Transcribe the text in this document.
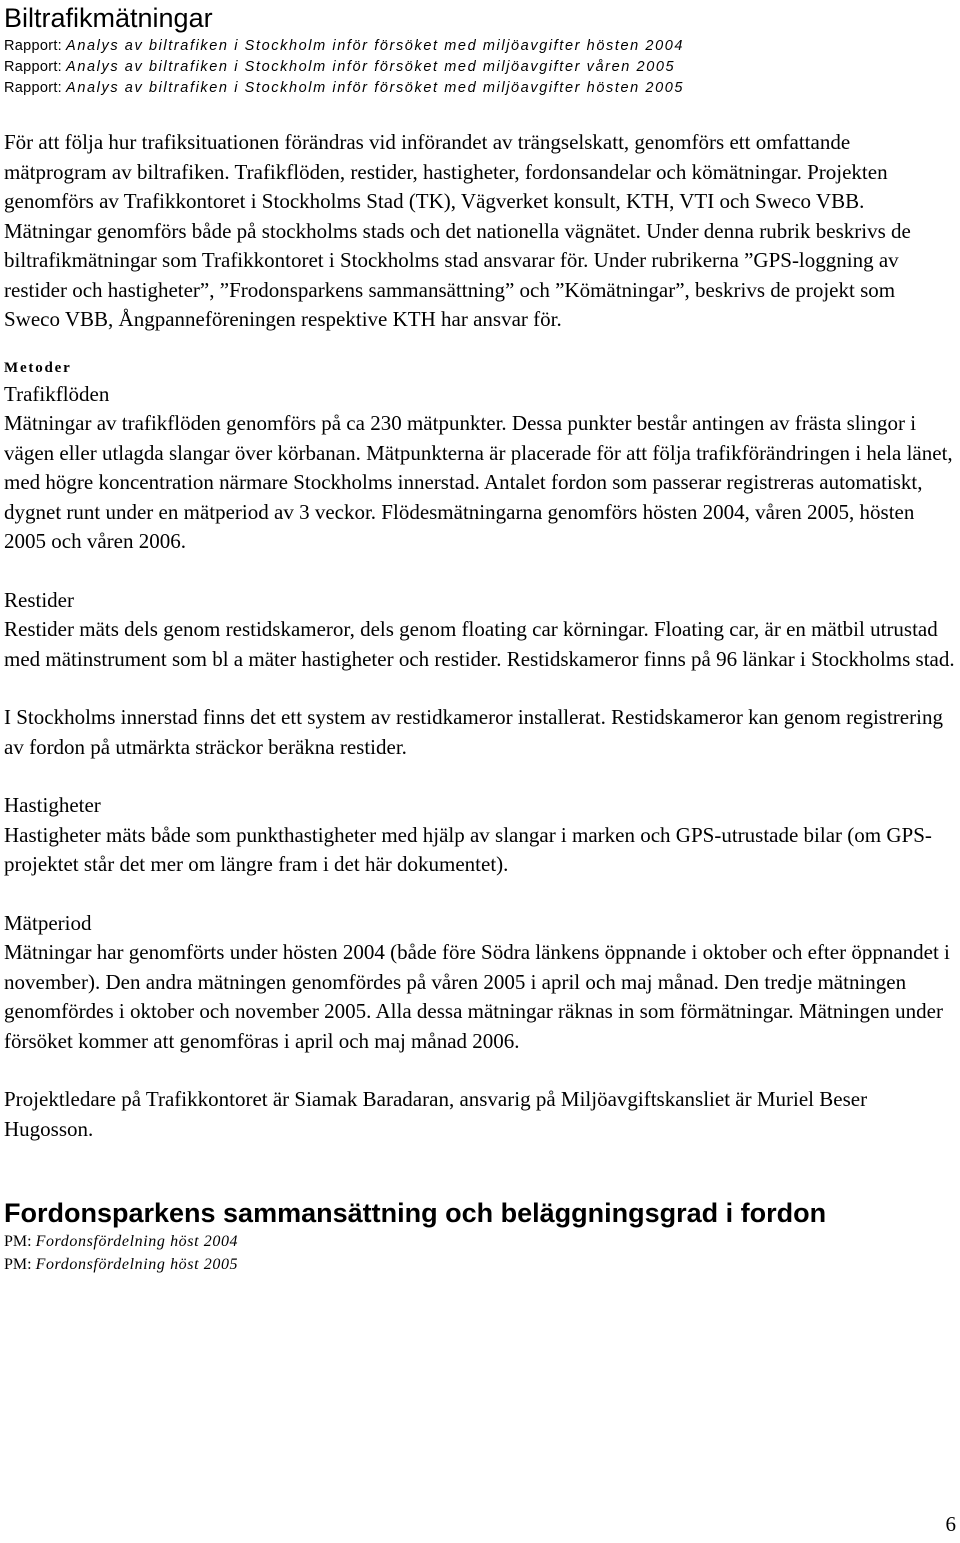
Biltrafikmätningar
Rapport: Analys av biltrafiken i Stockholm inför försöket med miljöavgifter hösten 2004
Rapport: Analys av biltrafiken i Stockholm inför försöket med miljöavgifter våren 2005
Rapport: Analys av biltrafiken i Stockholm inför försöket med miljöavgifter hösten 2005

För att följa hur trafiksituationen förändras vid införandet av trängselskatt, genomförs ett omfattande mätprogram av biltrafiken. Trafikflöden, restider, hastigheter, fordonsandelar och kömätningar. Projekten genomförs av Trafikkontoret i Stockholms Stad (TK), Vägverket konsult, KTH, VTI och Sweco VBB. Mätningar genomförs både på stockholms stads och det nationella vägnätet. Under denna rubrik beskrivs de biltrafikmätningar som Trafikkontoret i Stockholms stad ansvarar för. Under rubrikerna ”GPS-loggning av restider och hastigheter”, ”Frodonsparkens sammansättning” och ”Kömätningar”, beskrivs de projekt som Sweco VBB, Ångpanneföreningen respektive KTH har ansvar för.

Metoder
Trafikflöden

Mätningar av trafikflöden genomförs på ca 230 mätpunkter. Dessa punkter består antingen av frästa slingor i vägen eller utlagda slangar över körbanan. Mätpunkterna är placerade för att följa trafikförändringen i hela länet, med högre koncentration närmare Stockholms innerstad. Antalet fordon som passerar registreras automatiskt, dygnet runt under en mätperiod av 3 veckor. Flödesmätningarna genomförs hösten 2004, våren 2005, hösten 2005 och våren 2006.

Restider

Restider mäts dels genom restidskameror, dels genom floating car körningar. Floating car, är en mätbil utrustad med mätinstrument som bl a mäter hastigheter och restider. Restidskameror finns på 96 länkar i Stockholms stad.

I Stockholms innerstad finns det ett system av restidkameror installerat. Restidskameror kan genom registrering av fordon på utmärkta sträckor beräkna restider.

Hastigheter

Hastigheter mäts både som punkthastigheter med hjälp av slangar i marken och GPS-utrustade bilar (om GPS-projektet står det mer om längre fram i det här dokumentet).

Mätperiod

Mätningar har genomförts under hösten 2004 (både före Södra länkens öppnande i oktober och efter öppnandet i november). Den andra mätningen genomfördes på våren 2005 i april och maj månad. Den tredje mätningen genomfördes i oktober och november 2005. Alla dessa mätningar räknas in som förmätningar. Mätningen under försöket kommer att genomföras i april och maj månad 2006.

Projektledare på Trafikkontoret är Siamak Baradaran, ansvarig på Miljöavgiftskansliet är Muriel Beser Hugosson.

Fordonsparkens sammansättning och beläggningsgrad i fordon
PM: Fordonsfördelning höst 2004
PM: Fordonsfördelning höst 2005
6
